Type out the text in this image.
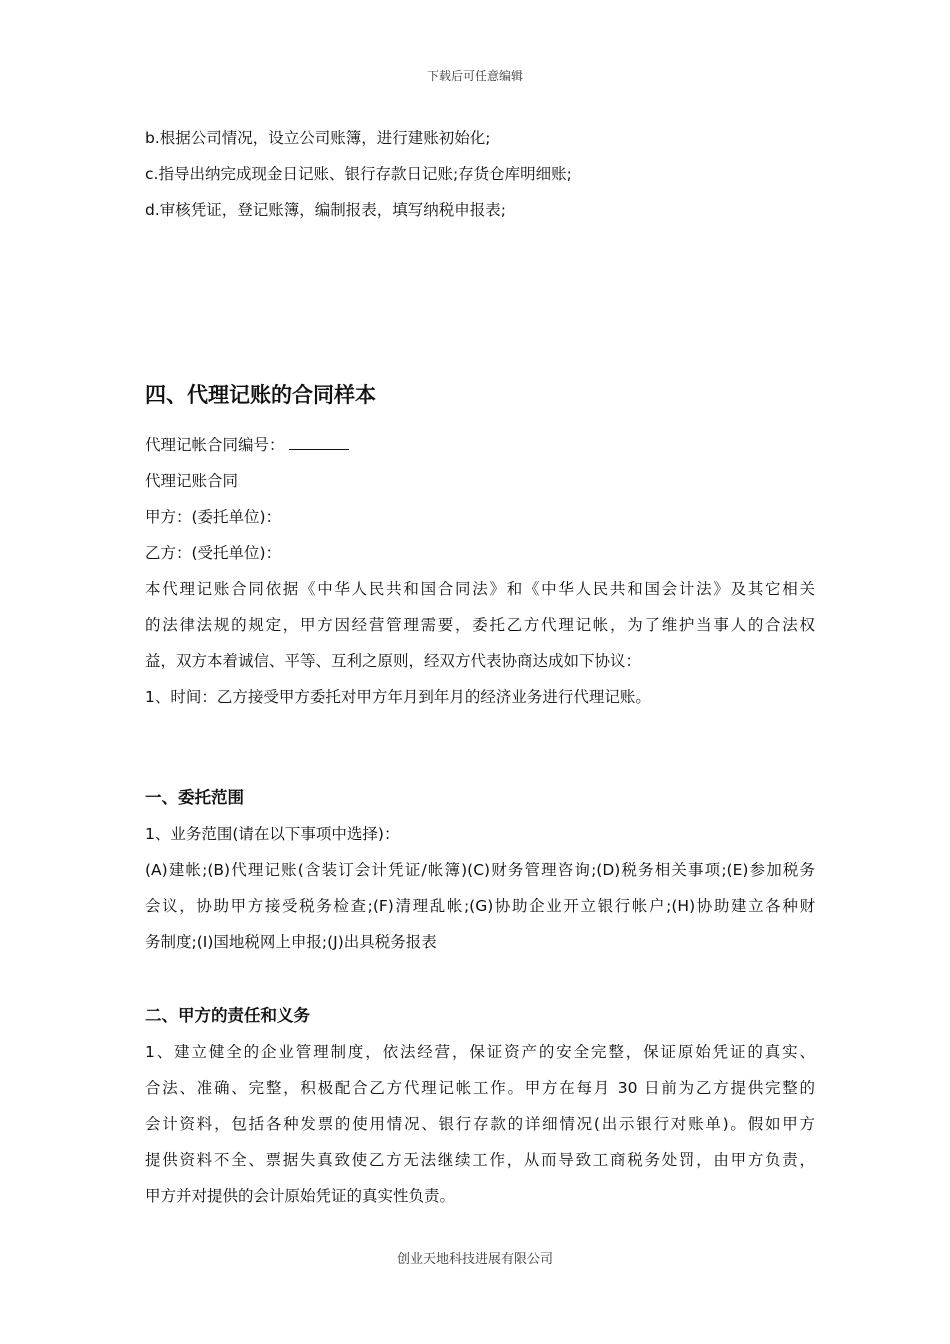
下载后可任意编辑
b.根据公司情况，设立公司账簿，进行建账初始化;
c.指导出纳完成现金日记账、银行存款日记账;存货仓库明细账;
d.审核凭证，登记账簿，编制报表，填写纳税申报表;
四、代理记账的合同样本
代理记帐合同编号：
代理记账合同
甲方：(委托单位)：
乙方：(受托单位)：
本代理记账合同依据《中华人民共和国合同法》和《中华人民共和国会计法》及其它相关
的法律法规的规定，甲方因经营管理需要，委托乙方代理记帐，为了维护当事人的合法权
益，双方本着诚信、平等、互利之原则，经双方代表协商达成如下协议：
1、时间：乙方接受甲方委托对甲方年月到年月的经济业务进行代理记账。
一、委托范围
1、业务范围(请在以下事项中选择)：
(A)建帐;(B)代理记账(含装订会计凭证/帐簿)(C)财务管理咨询;(D)税务相关事项;(E)参加税务
会议，协助甲方接受税务检查;(F)清理乱帐;(G)协助企业开立银行帐户;(H)协助建立各种财
务制度;(I)国地税网上申报;(J)出具税务报表
二、甲方的责任和义务
1、建立健全的企业管理制度，依法经营，保证资产的安全完整，保证原始凭证的真实、
合法、准确、完整，积极配合乙方代理记帐工作。甲方在每月 30 日前为乙方提供完整的
会计资料，包括各种发票的使用情况、银行存款的详细情况(出示银行对账单)。假如甲方
提供资料不全、票据失真致使乙方无法继续工作，从而导致工商税务处罚，由甲方负责，
甲方并对提供的会计原始凭证的真实性负责。
创业天地科技进展有限公司
